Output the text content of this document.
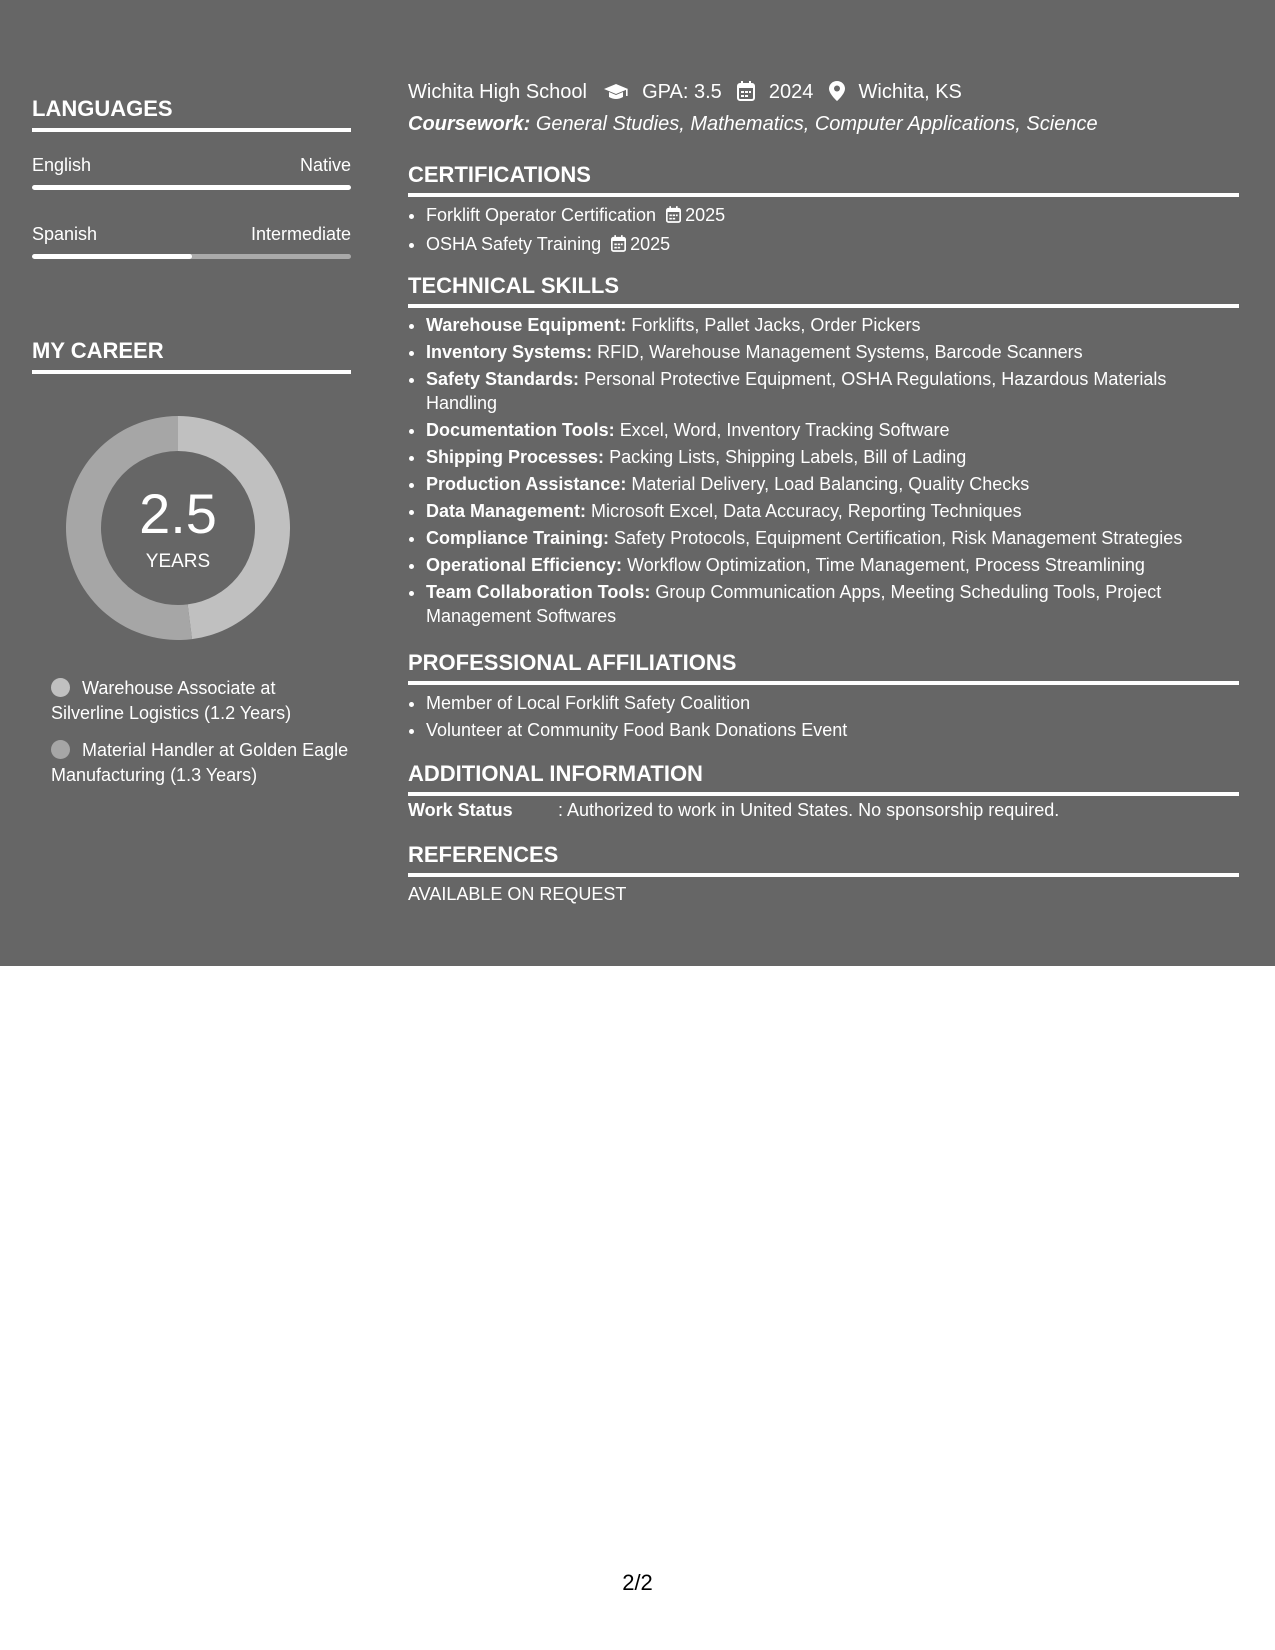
LANGUAGES
English	Native
Spanish	Intermediate
MY CAREER
2.5
YEARS
Warehouse Associate at Silverline Logistics (1.2 Years)
Material Handler at Golden Eagle Manufacturing (1.3 Years)
Wichita High School	GPA: 3.5 2024 Wichita, KS
Coursework: General Studies, Mathematics, Computer Applications, Science
CERTIFICATIONS
• Forklift Operator Certification 2025
• OSHA Safety Training 2025
TECHNICAL SKILLS
• Warehouse Equipment: Forklifts, Pallet Jacks, Order Pickers
• Inventory Systems: RFID, Warehouse Management Systems, Barcode Scanners
• Safety Standards: Personal Protective Equipment, OSHA Regulations, Hazardous Materials Handling
• Documentation Tools: Excel, Word, Inventory Tracking Software
• Shipping Processes: Packing Lists, Shipping Labels, Bill of Lading
• Production Assistance: Material Delivery, Load Balancing, Quality Checks
• Data Management: Microsoft Excel, Data Accuracy, Reporting Techniques
• Compliance Training: Safety Protocols, Equipment Certification, Risk Management Strategies
• Operational Efficiency: Workflow Optimization, Time Management, Process Streamlining
• Team Collaboration Tools: Group Communication Apps, Meeting Scheduling Tools, Project Management Softwares
PROFESSIONAL AFFILIATIONS
• Member of Local Forklift Safety Coalition
• Volunteer at Community Food Bank Donations Event
ADDITIONAL INFORMATION
Work Status	: Authorized to work in United States. No sponsorship required.
REFERENCES
AVAILABLE ON REQUEST
2/2
